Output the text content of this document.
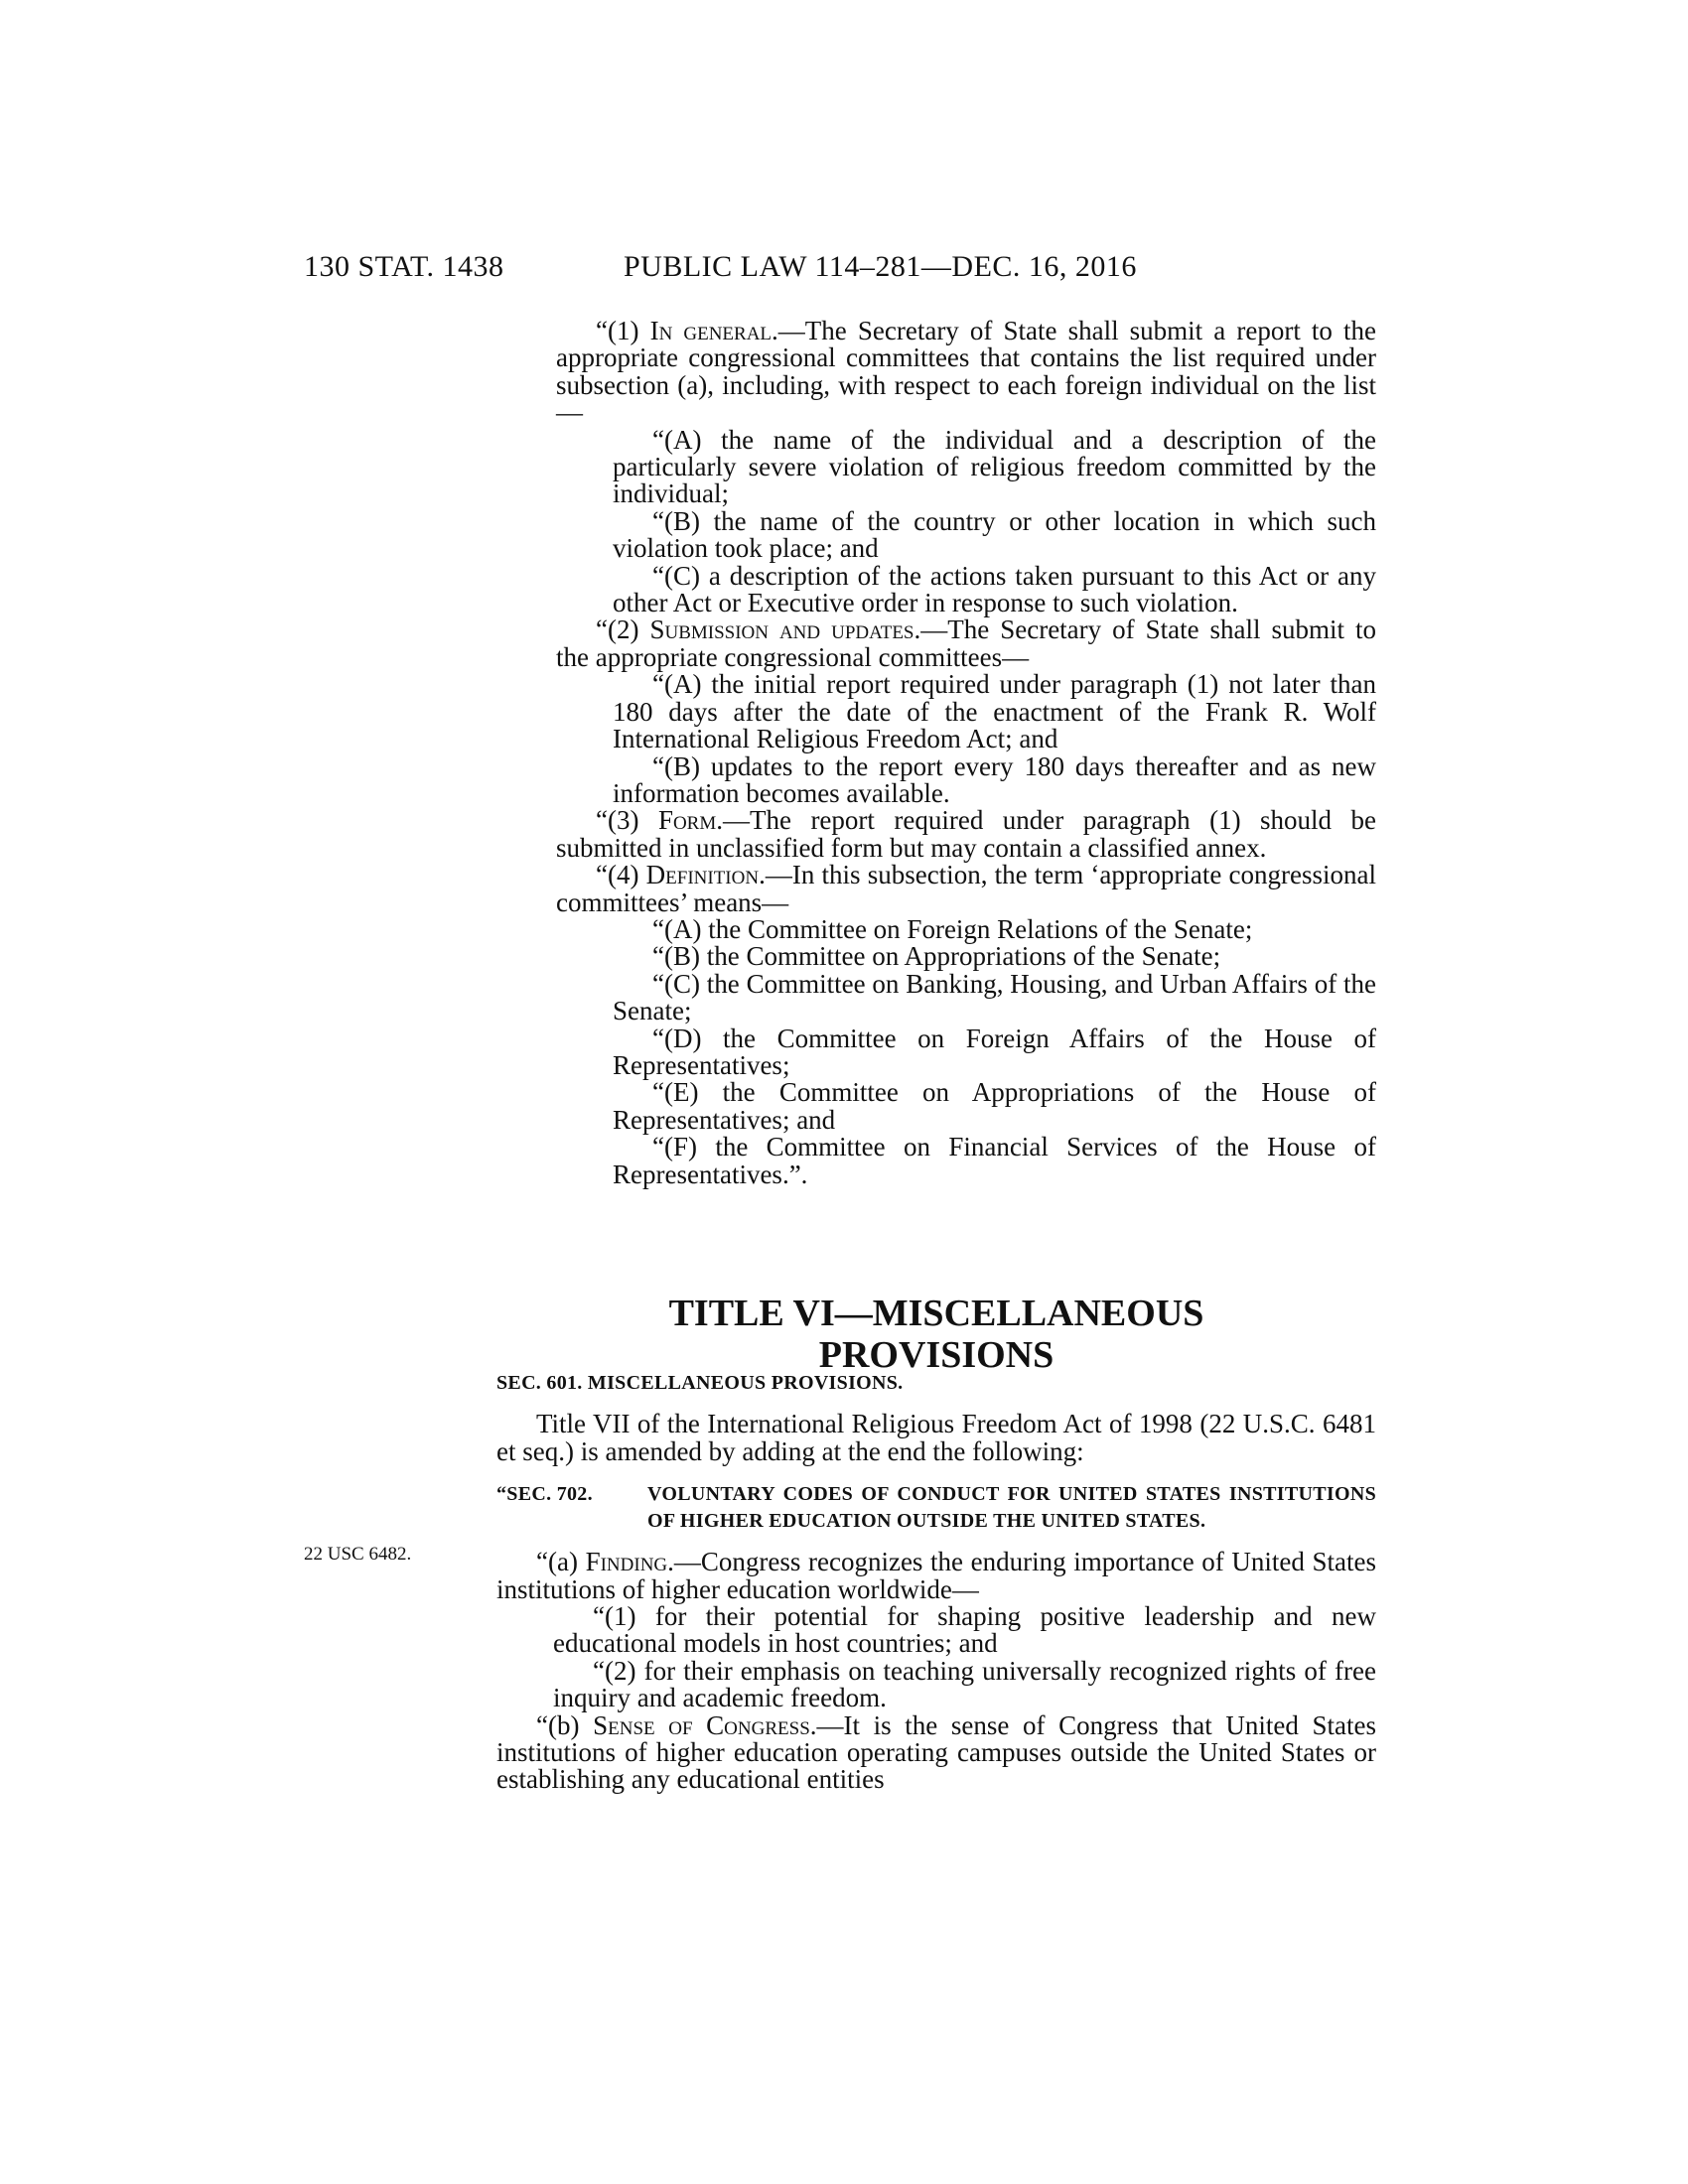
130 STAT. 1438	PUBLIC LAW 114–281—DEC. 16, 2016

“(1) In general.—The Secretary of State shall submit a report to the appropriate congressional committees that contains the list required under subsection (a), including, with respect to each foreign individual on the list—

“(A) the name of the individual and a description of the particularly severe violation of religious freedom committed by the individual;

“(B) the name of the country or other location in which such violation took place; and

“(C) a description of the actions taken pursuant to this Act or any other Act or Executive order in response to such violation.

“(2) Submission and updates.—The Secretary of State shall submit to the appropriate congressional committees—

“(A) the initial report required under paragraph (1) not later than 180 days after the date of the enactment of the Frank R. Wolf International Religious Freedom Act; and

“(B) updates to the report every 180 days thereafter and as new information becomes available.

“(3) Form.—The report required under paragraph (1) should be submitted in unclassified form but may contain a classified annex.

“(4) Definition.—In this subsection, the term ‘appropriate congressional committees’ means—

“(A) the Committee on Foreign Relations of the Senate;

“(B) the Committee on Appropriations of the Senate;

“(C) the Committee on Banking, Housing, and Urban Affairs of the Senate;

“(D) the Committee on Foreign Affairs of the House of Representatives;

“(E) the Committee on Appropriations of the House of Representatives; and

“(F) the Committee on Financial Services of the House of Representatives.”.

TITLE VI—MISCELLANEOUS
PROVISIONS
SEC. 601. MISCELLANEOUS PROVISIONS.

Title VII of the International Religious Freedom Act of 1998 (22 U.S.C. 6481 et seq.) is amended by adding at the end the following:

“SEC. 702.	VOLUNTARY CODES OF CONDUCT FOR UNITED STATES INSTITUTIONS OF HIGHER EDUCATION OUTSIDE THE UNITED STATES.

“(a) Finding.—Congress recognizes the enduring importance of United States institutions of higher education worldwide—

“(1) for their potential for shaping positive leadership and new educational models in host countries; and

“(2) for their emphasis on teaching universally recognized rights of free inquiry and academic freedom.

“(b) Sense of Congress.—It is the sense of Congress that United States institutions of higher education operating campuses outside the United States or establishing any educational entities

22 USC 6482.
